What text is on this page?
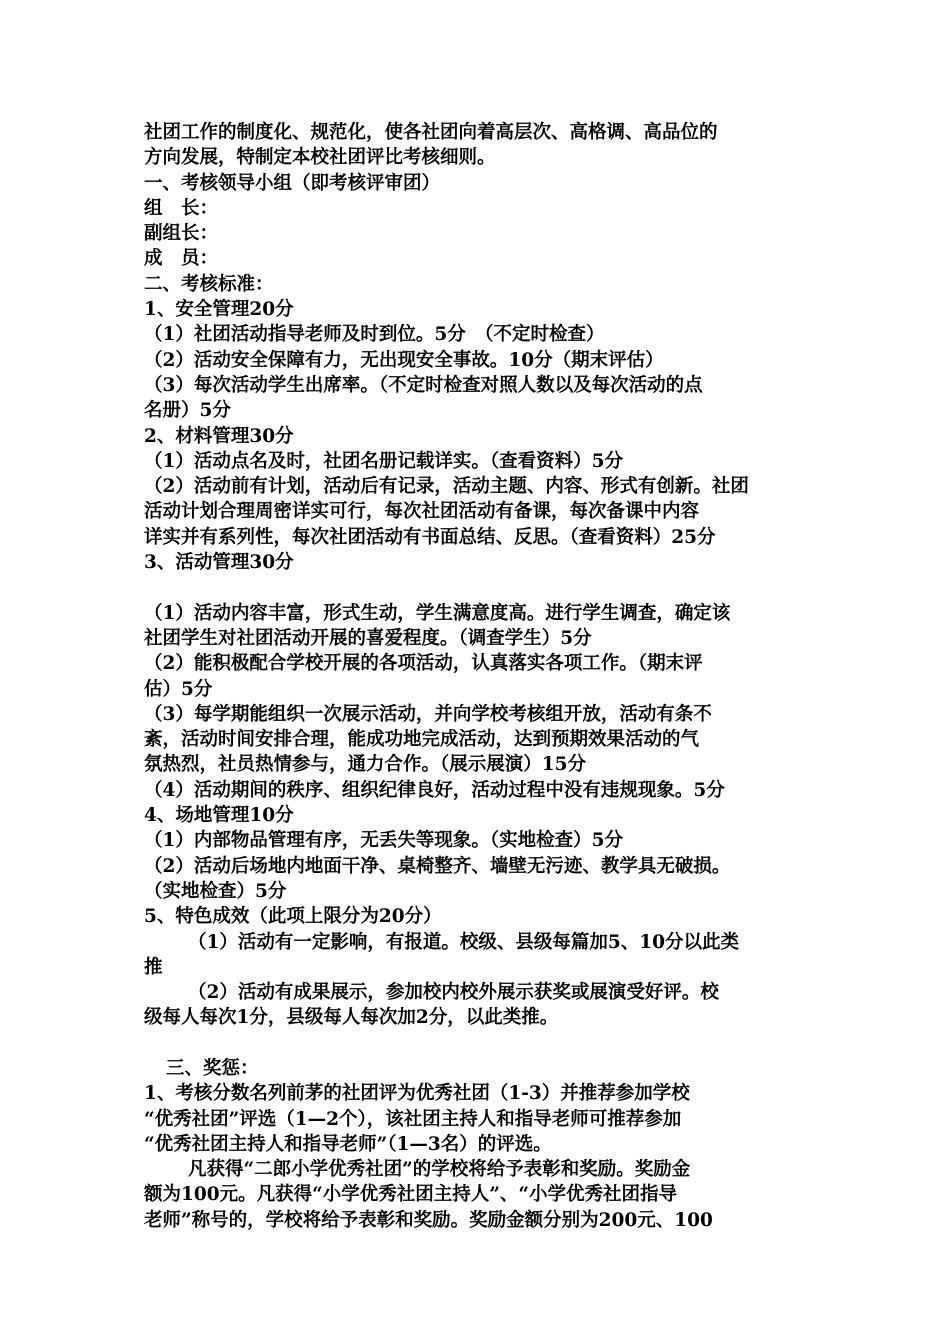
社团工作的制度化、规范化，使各社团向着高层次、高格调、高品位的
方向发展，特制定本校社团评比考核细则。
一、考核领导小组（即考核评审团）
组　长：
副组长：
成　员：
二、考核标准：
1、安全管理20分
（1）社团活动指导老师及时到位。5分　（不定时检查）
（2）活动安全保障有力，无出现安全事故。10分（期末评估）
（3）每次活动学生出席率。（不定时检查对照人数以及每次活动的点
名册）5分
2、材料管理30分
（1）活动点名及时，社团名册记载详实。（查看资料）5分
（2）活动前有计划，活动后有记录，活动主题、内容、形式有创新。社团
活动计划合理周密详实可行，每次社团活动有备课，每次备课中内容
详实并有系列性，每次社团活动有书面总结、反思。（查看资料）25分
3、活动管理30分
（1）活动内容丰富，形式生动，学生满意度高。进行学生调查，确定该
社团学生对社团活动开展的喜爱程度。（调查学生）5分
（2）能积极配合学校开展的各项活动，认真落实各项工作。（期末评
估）5分
（3）每学期能组织一次展示活动，并向学校考核组开放，活动有条不
紊，活动时间安排合理，能成功地完成活动，达到预期效果活动的气
氛热烈，社员热情参与，通力合作。（展示展演）15分
（4）活动期间的秩序、组织纪律良好，活动过程中没有违规现象。5分
4、场地管理10分
（1）内部物品管理有序，无丢失等现象。（实地检查）5分
（2）活动后场地内地面干净、桌椅整齐、墙壁无污迹、教学具无破损。
（实地检查）5分
5、特色成效（此项上限分为20分）
（1）活动有一定影响，有报道。校级、县级每篇加5、10分以此类
推
（2）活动有成果展示，参加校内校外展示获奖或展演受好评。校
级每人每次1分，县级每人每次加2分，以此类推。
三、奖惩：
1、考核分数名列前茅的社团评为优秀社团（1-3）并推荐参加学校
“优秀社团”评选（1—2个），该社团主持人和指导老师可推荐参加
“优秀社团主持人和指导老师”（1—3名）的评选。
凡获得“二郎小学优秀社团”的学校将给予表彰和奖励。奖励金
额为100元。凡获得“小学优秀社团主持人”、“小学优秀社团指导
老师”称号的，学校将给予表彰和奖励。奖励金额分别为200元、100
